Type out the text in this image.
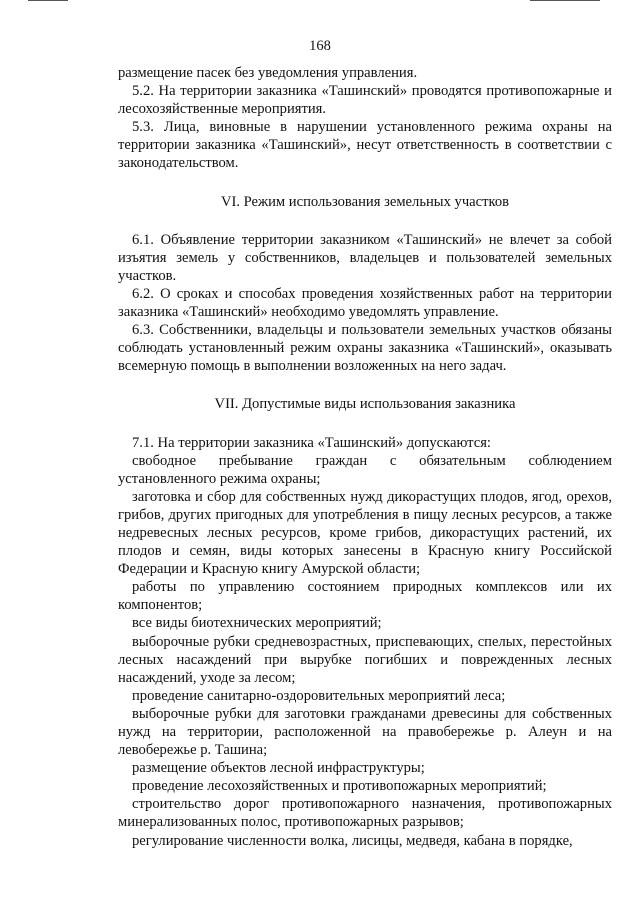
168

размещение пасек без уведомления управления.

5.2. На территории заказника «Ташинский» проводятся противопожарные и лесохозяйственные мероприятия.

5.3. Лица, виновные в нарушении установленного режима охраны на территории заказника «Ташинский», несут ответственность в соответствии с законодательством.

VI. Режим использования земельных участков

6.1. Объявление территории заказником «Ташинский» не влечет за собой изъятия земель у собственников, владельцев и пользователей земельных участков.

6.2. О сроках и способах проведения хозяйственных работ на территории заказника «Ташинский» необходимо уведомлять управление.

6.3. Собственники, владельцы и пользователи земельных участков обязаны соблюдать установленный режим охраны заказника «Ташинский», оказывать всемерную помощь в выполнении возложенных на него задач.

VII. Допустимые виды использования заказника

7.1. На территории заказника «Ташинский» допускаются:

свободное пребывание граждан с обязательным соблюдением установленного режима охраны;

заготовка и сбор для собственных нужд дикорастущих плодов, ягод, орехов, грибов, других пригодных для употребления в пищу лесных ресурсов, а также недревесных лесных ресурсов, кроме грибов, дикорастущих растений, их плодов и семян, виды которых занесены в Красную книгу Российской Федерации и Красную книгу Амурской области;

работы по управлению состоянием природных комплексов или их компонентов;

все виды биотехнических мероприятий;

выборочные рубки средневозрастных, приспевающих, спелых, перестойных лесных насаждений при вырубке погибших и поврежденных лесных насаждений, уходе за лесом;

проведение санитарно-оздоровительных мероприятий леса;

выборочные рубки для заготовки гражданами древесины для собственных нужд на территории, расположенной на правобережье р. Алеун и на левобережье р. Ташина;

размещение объектов лесной инфраструктуры;

проведение лесохозяйственных и противопожарных мероприятий;

строительство дорог противопожарного назначения, противопожарных минерализованных полос, противопожарных разрывов;

регулирование численности волка, лисицы, медведя, кабана в порядке,
